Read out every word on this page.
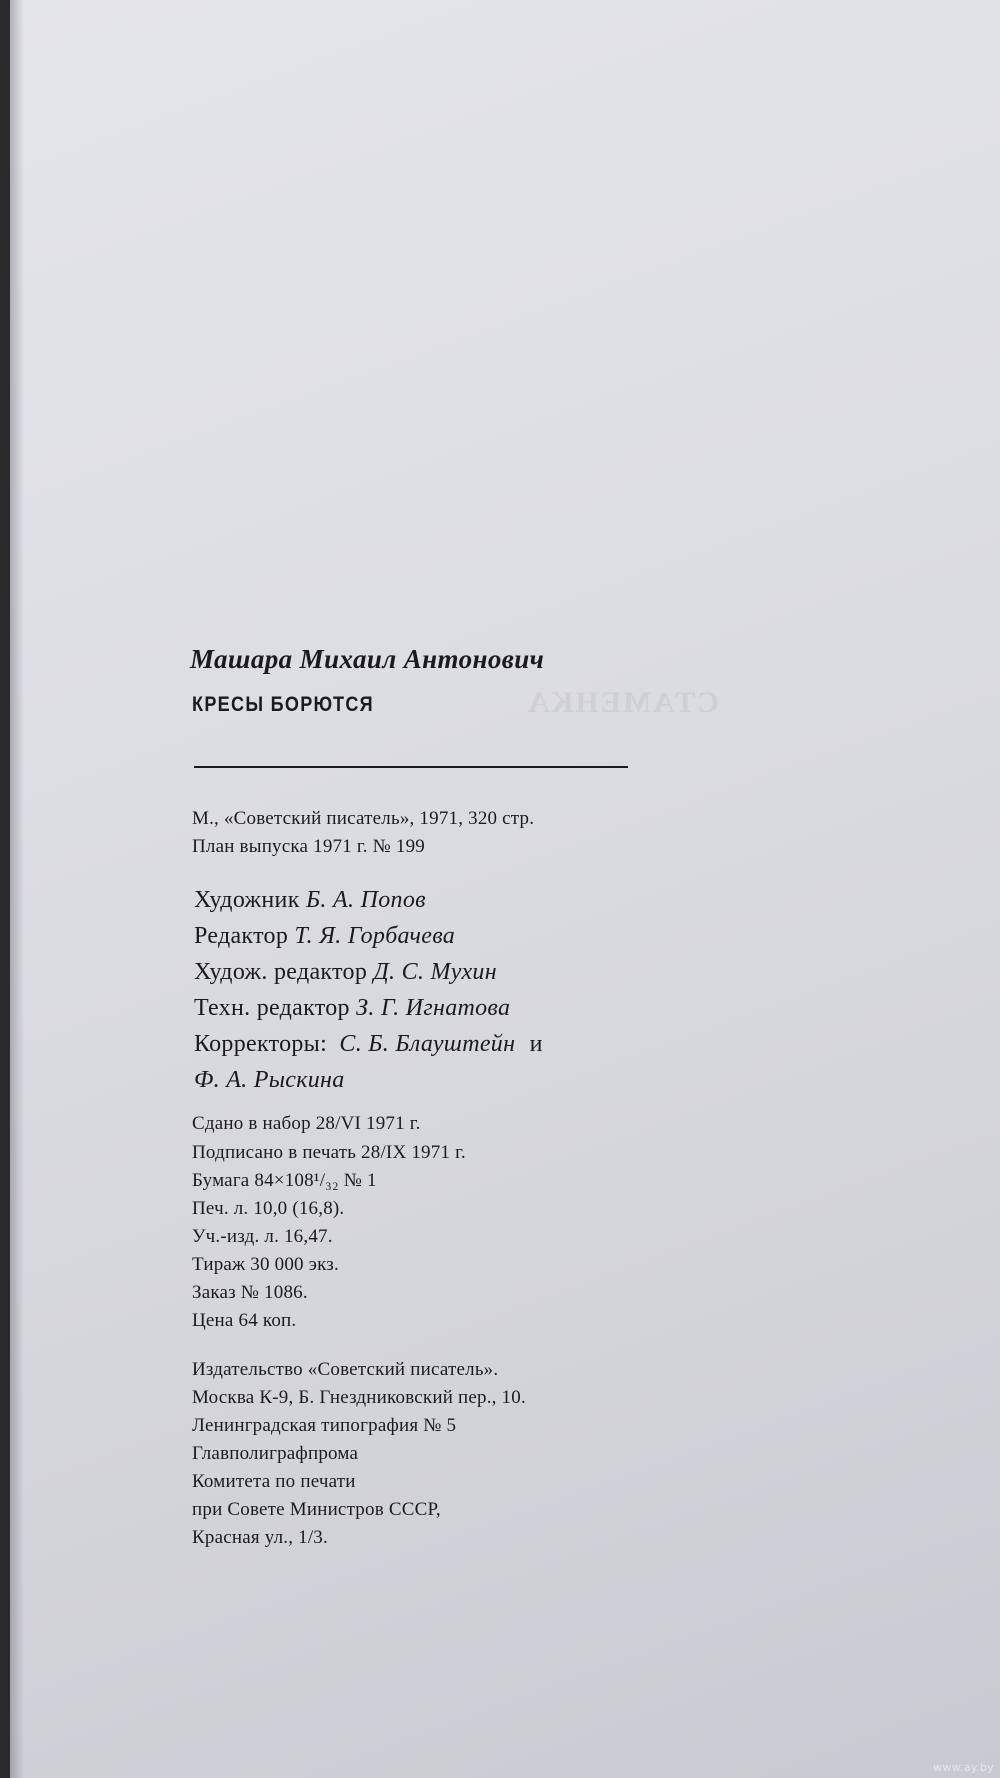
СТАМЕНКА
Машара Михаил Антонович
КРЕСЫ БОРЮТСЯ
М., «Советский писатель», 1971, 320 стр.
План выпуска 1971 г. № 199
Художник Б. А. Попов
Редактор Т. Я. Горбачева
Худож. редактор Д. С. Мухин
Техн. редактор З. Г. Игнатова
Корректоры: С. Б. Блауштейн и
Ф. А. Рыскина
Сдано в набор 28/VI 1971 г.
Подписано в печать 28/IX 1971 г.
Бумага 84×108¹/₃₂ № 1
Печ. л. 10,0 (16,8).
Уч.-изд. л. 16,47.
Тираж 30 000 экз.
Заказ № 1086.
Цена 64 коп.
Издательство «Советский писатель».
Москва К-9, Б. Гнездниковский пер., 10.
Ленинградская типография № 5
Главполиграфпрома
Комитета по печати
при Совете Министров СССР,
Красная ул., 1/3.
www.ay.by
